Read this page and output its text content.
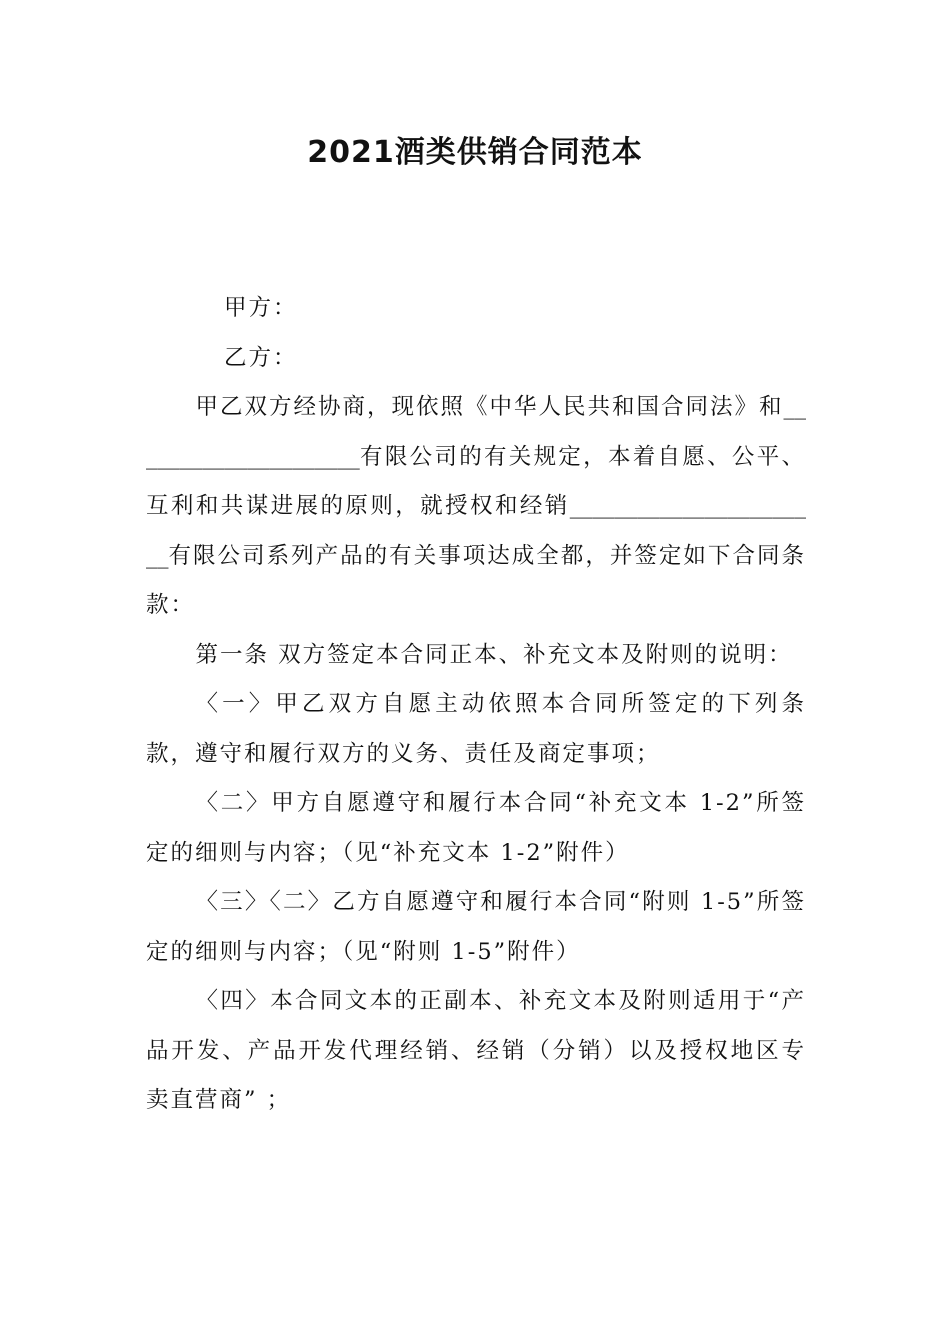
2021酒类供销合同范本

甲方：

乙方：

甲乙双方经协商，现依照《中华人民共和国合同法》和_____________________有限公司的有关规定，本着自愿、公平、互利和共谋进展的原则，就授权和经销_______________________有限公司系列产品的有关事项达成全都，并签定如下合同条款：

第一条 双方签定本合同正本、补充文本及附则的说明：

〈一〉甲乙双方自愿主动依照本合同所签定的下列条款，遵守和履行双方的义务、责任及商定事项；

〈二〉甲方自愿遵守和履行本合同“补充文本 1-2”所签定的细则与内容；（见“补充文本 1-2”附件）

〈三〉〈二〉乙方自愿遵守和履行本合同“附则 1-5”所签定的细则与内容；（见“附则 1-5”附件）

〈四〉本合同文本的正副本、补充文本及附则适用于“产品开发、产品开发代理经销、经销（分销）以及授权地区专卖直营商” ；
